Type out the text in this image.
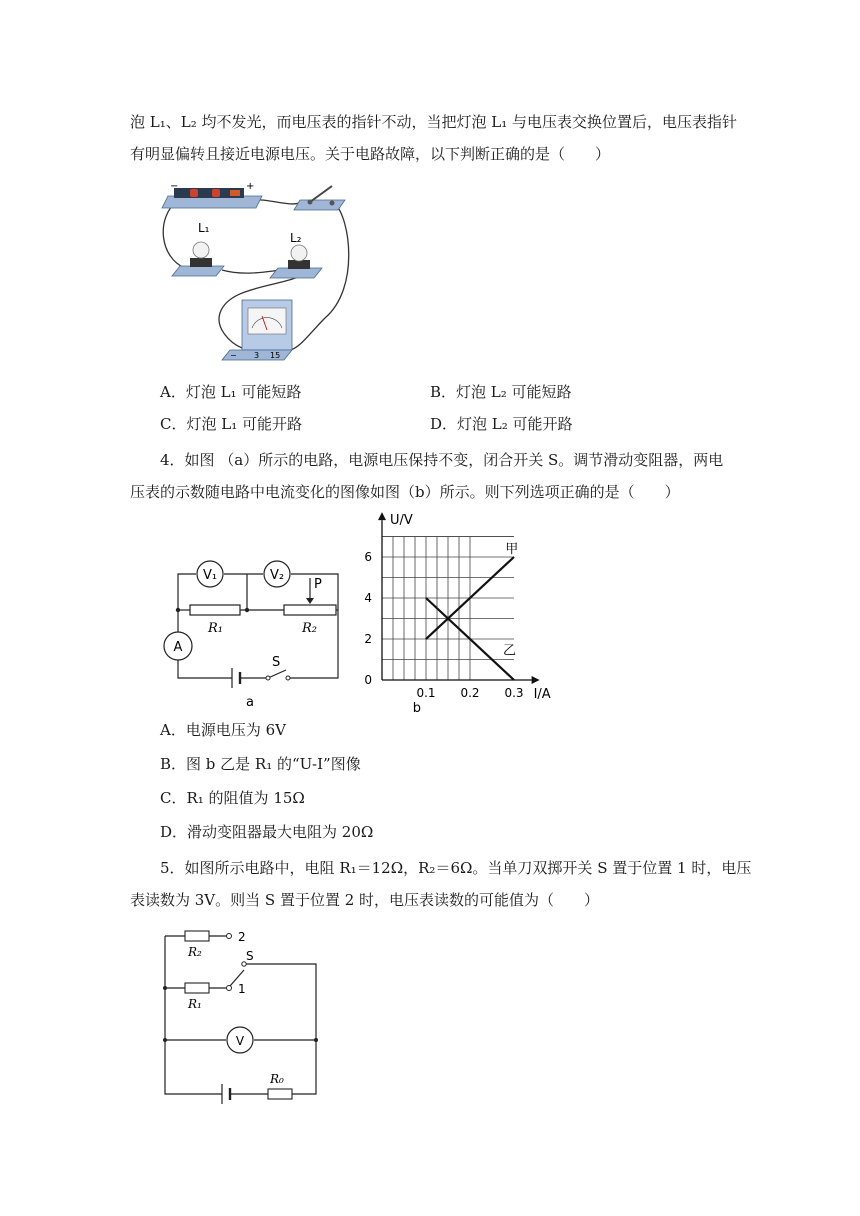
泡 L₁、L₂ 均不发光，而电压表的指针不动，当把灯泡 L₁ 与电压表交换位置后，电压表指针
有明显偏转且接近电源电压。关于电路故障，以下判断正确的是（　　）
−	+
L₁
L₂
− 3 15
A．灯泡 L₁ 可能短路	B．灯泡 L₂ 可能短路
C．灯泡 L₁ 可能开路	D．灯泡 L₂ 可能开路
4．如图 （a）所示的电路，电源电压保持不变，闭合开关 S。调节滑动变阻器，两电
压表的示数随电路中电流变化的图像如图（b）所示。则下列选项正确的是（　　）
V₁	V₂
A
P
R₁	R₂
S
a
甲
乙
0.1 0.2 0.3
0
2
4
6
U/V
I/A
b
A．电源电压为 6V
B．图 b 乙是 R₁ 的“U-I”图像
C．R₁ 的阻值为 15Ω
D．滑动变阻器最大电阻为 20Ω
5．如图所示电路中，电阻 R₁＝12Ω，R₂＝6Ω。当单刀双掷开关 S 置于位置 1 时，电压
表读数为 3V。则当 S 置于位置 2 时，电压表读数的可能值为（　　）
V
R₂
R₁
R₀
2
1
S
